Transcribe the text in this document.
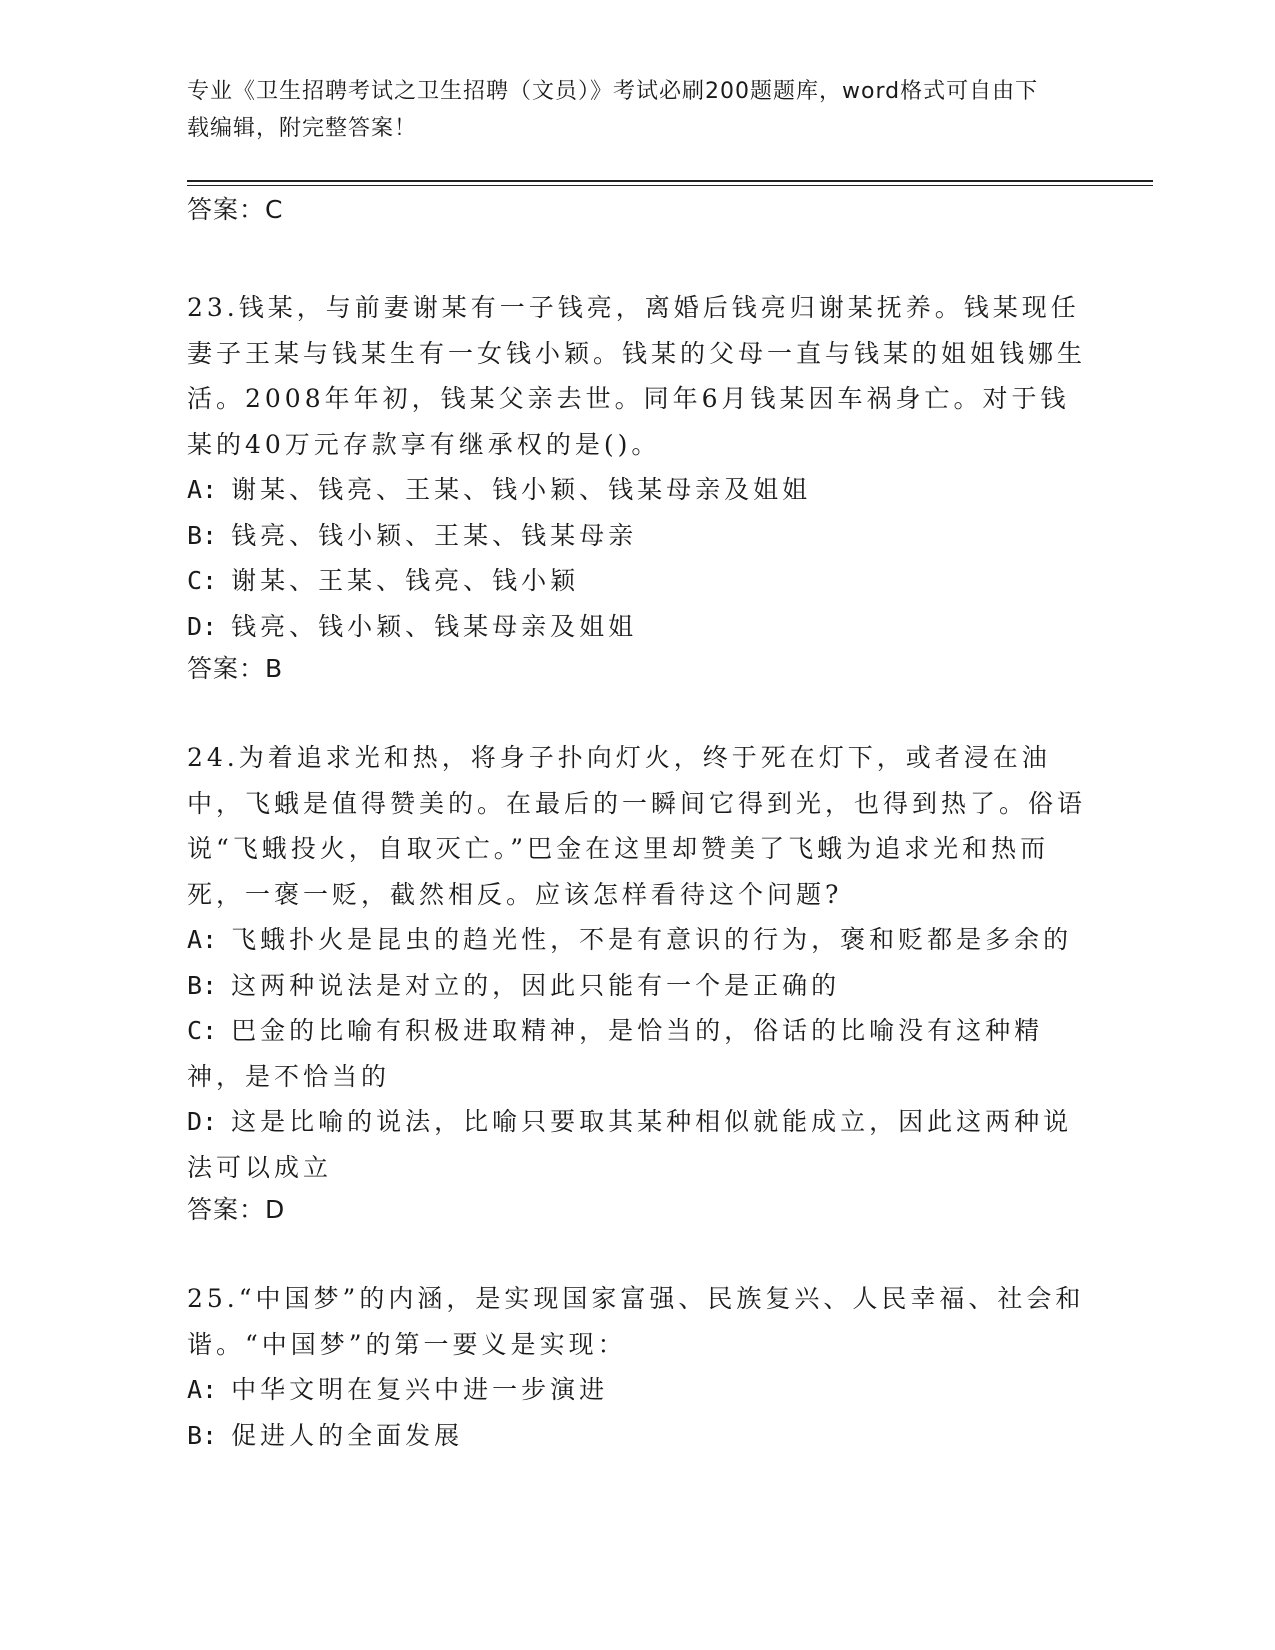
专业《卫生招聘考试之卫生招聘（文员）》考试必刷200题题库，word格式可自由下载编辑，附完整答案！

答案：C

23.钱某，与前妻谢某有一子钱亮，离婚后钱亮归谢某抚养。钱某现任妻子王某与钱某生有一女钱小颖。钱某的父母一直与钱某的姐姐钱娜生活。2008年年初，钱某父亲去世。同年6月钱某因车祸身亡。对于钱某的40万元存款享有继承权的是()。

A: 谢某、钱亮、王某、钱小颖、钱某母亲及姐姐

B: 钱亮、钱小颖、王某、钱某母亲

C: 谢某、王某、钱亮、钱小颖

D: 钱亮、钱小颖、钱某母亲及姐姐

答案：B

24.为着追求光和热，将身子扑向灯火，终于死在灯下，或者浸在油中，飞蛾是值得赞美的。在最后的一瞬间它得到光，也得到热了。俗语说“飞蛾投火，自取灭亡。”巴金在这里却赞美了飞蛾为追求光和热而死，一褒一贬，截然相反。应该怎样看待这个问题?

A: 飞蛾扑火是昆虫的趋光性，不是有意识的行为，褒和贬都是多余的

B: 这两种说法是对立的，因此只能有一个是正确的

C: 巴金的比喻有积极进取精神，是恰当的，俗话的比喻没有这种精神，是不恰当的

D: 这是比喻的说法，比喻只要取其某种相似就能成立，因此这两种说法可以成立

答案：D

25.“中国梦”的内涵，是实现国家富强、民族复兴、人民幸福、社会和谐。“中国梦”的第一要义是实现：

A: 中华文明在复兴中进一步演进

B: 促进人的全面发展
